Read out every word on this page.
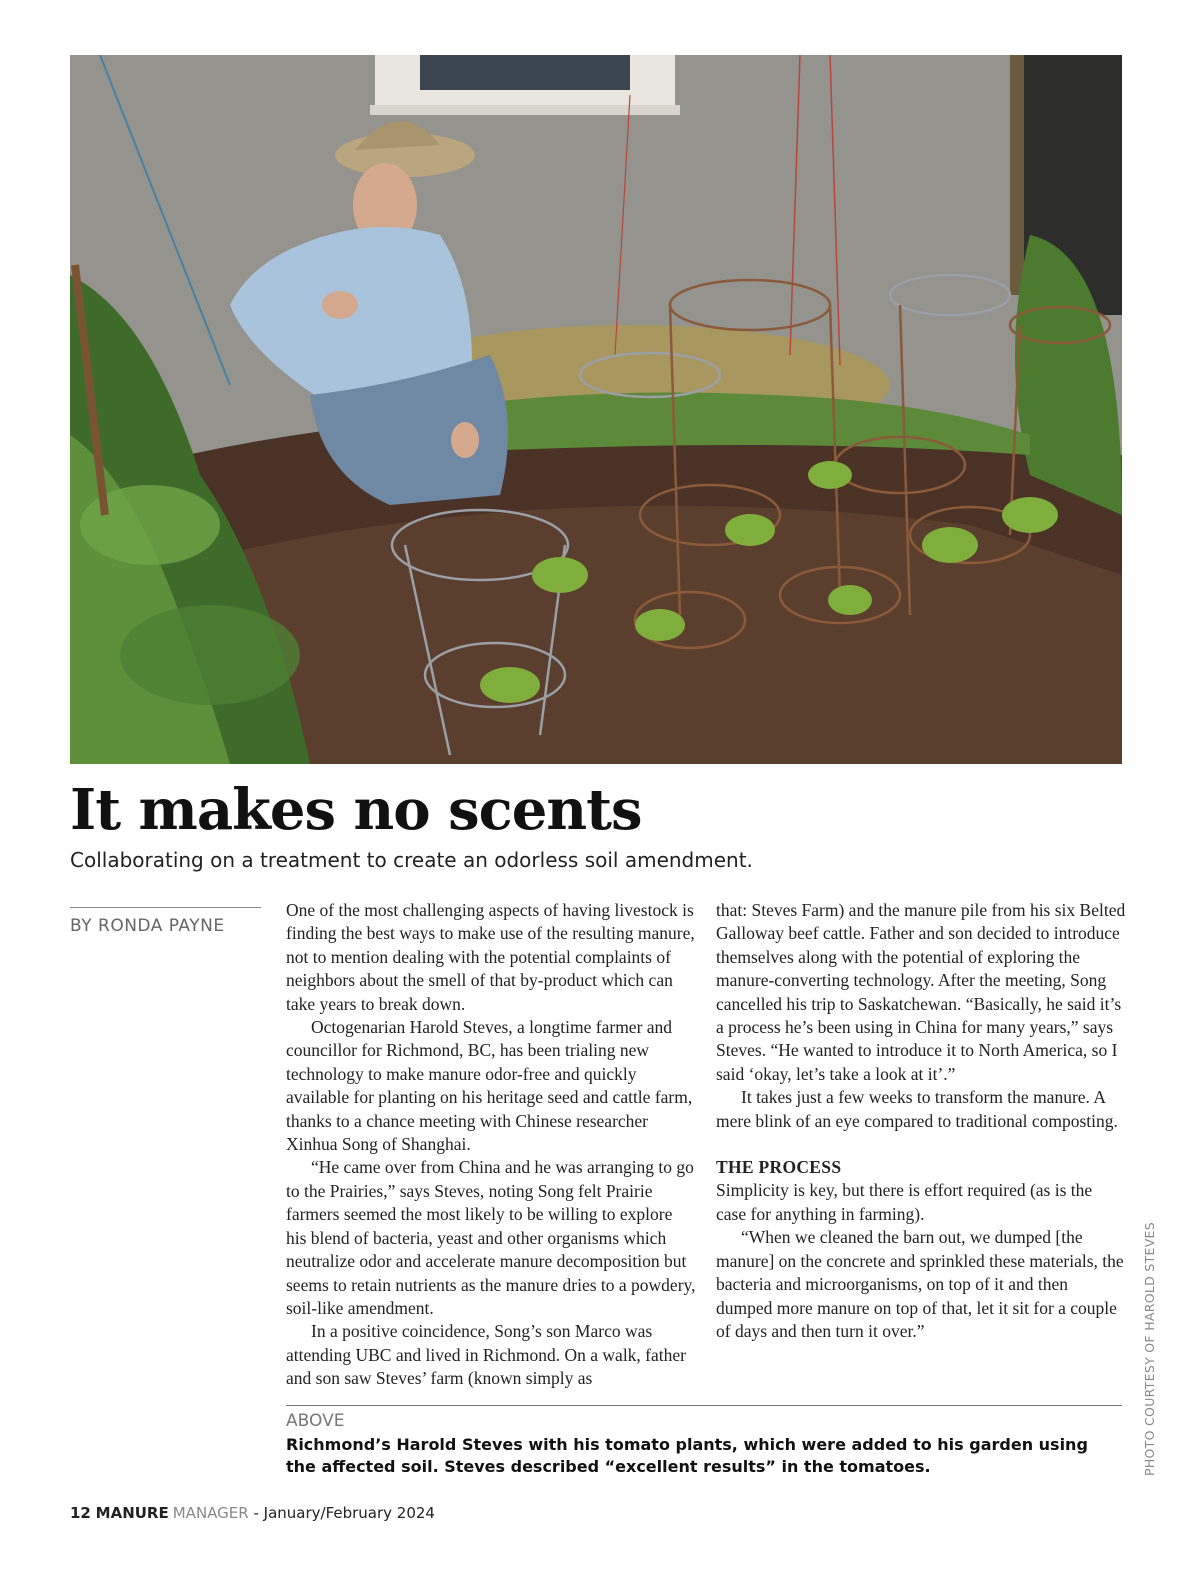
It makes no scents
Collaborating on a treatment to create an odorless soil amendment.
BY RONDA PAYNE

One of the most challenging aspects of having livestock is finding the best ways to make use of the resulting manure, not to mention dealing with the potential complaints of neighbors about the smell of that by-product which can take years to break down.

Octogenarian Harold Steves, a longtime farmer and councillor for Richmond, BC, has been trialing new technology to make manure odor-free and quickly available for planting on his heritage seed and cattle farm, thanks to a chance meeting with Chinese researcher Xinhua Song of Shanghai.

“He came over from China and he was arranging to go to the Prairies,” says Steves, noting Song felt Prairie farmers seemed the most likely to be willing to explore his blend of bacteria, yeast and other organisms which neutralize odor and accelerate manure decomposition but seems to retain nutrients as the manure dries to a powdery, soil-like amendment.

In a positive coincidence, Song’s son Marco was attending UBC and lived in Richmond. On a walk, father and son saw Steves’ farm (known simply as

that: Steves Farm) and the manure pile from his six Belted Galloway beef cattle. Father and son decided to introduce themselves along with the potential of exploring the manure-converting technology. After the meeting, Song cancelled his trip to Saskatchewan. “Basically, he said it’s a process he’s been using in China for many years,” says Steves. “He wanted to introduce it to North America, so I said ‘okay, let’s take a look at it’.”

It takes just a few weeks to transform the manure. A mere blink of an eye compared to traditional composting.

THE PROCESS

Simplicity is key, but there is effort required (as is the case for anything in farming).

“When we cleaned the barn out, we dumped [the manure] on the concrete and sprinkled these materials, the bacteria and microorganisms, on top of it and then dumped more manure on top of that, let it sit for a couple of days and then turn it over.”

ABOVE
Richmond’s Harold Steves with his tomato plants, which were added to his garden using the affected soil. Steves described “excellent results” in the tomatoes.	PHOTO COURTESY OF HAROLD STEVES
12 MANURE MANAGER - January/February 2024
